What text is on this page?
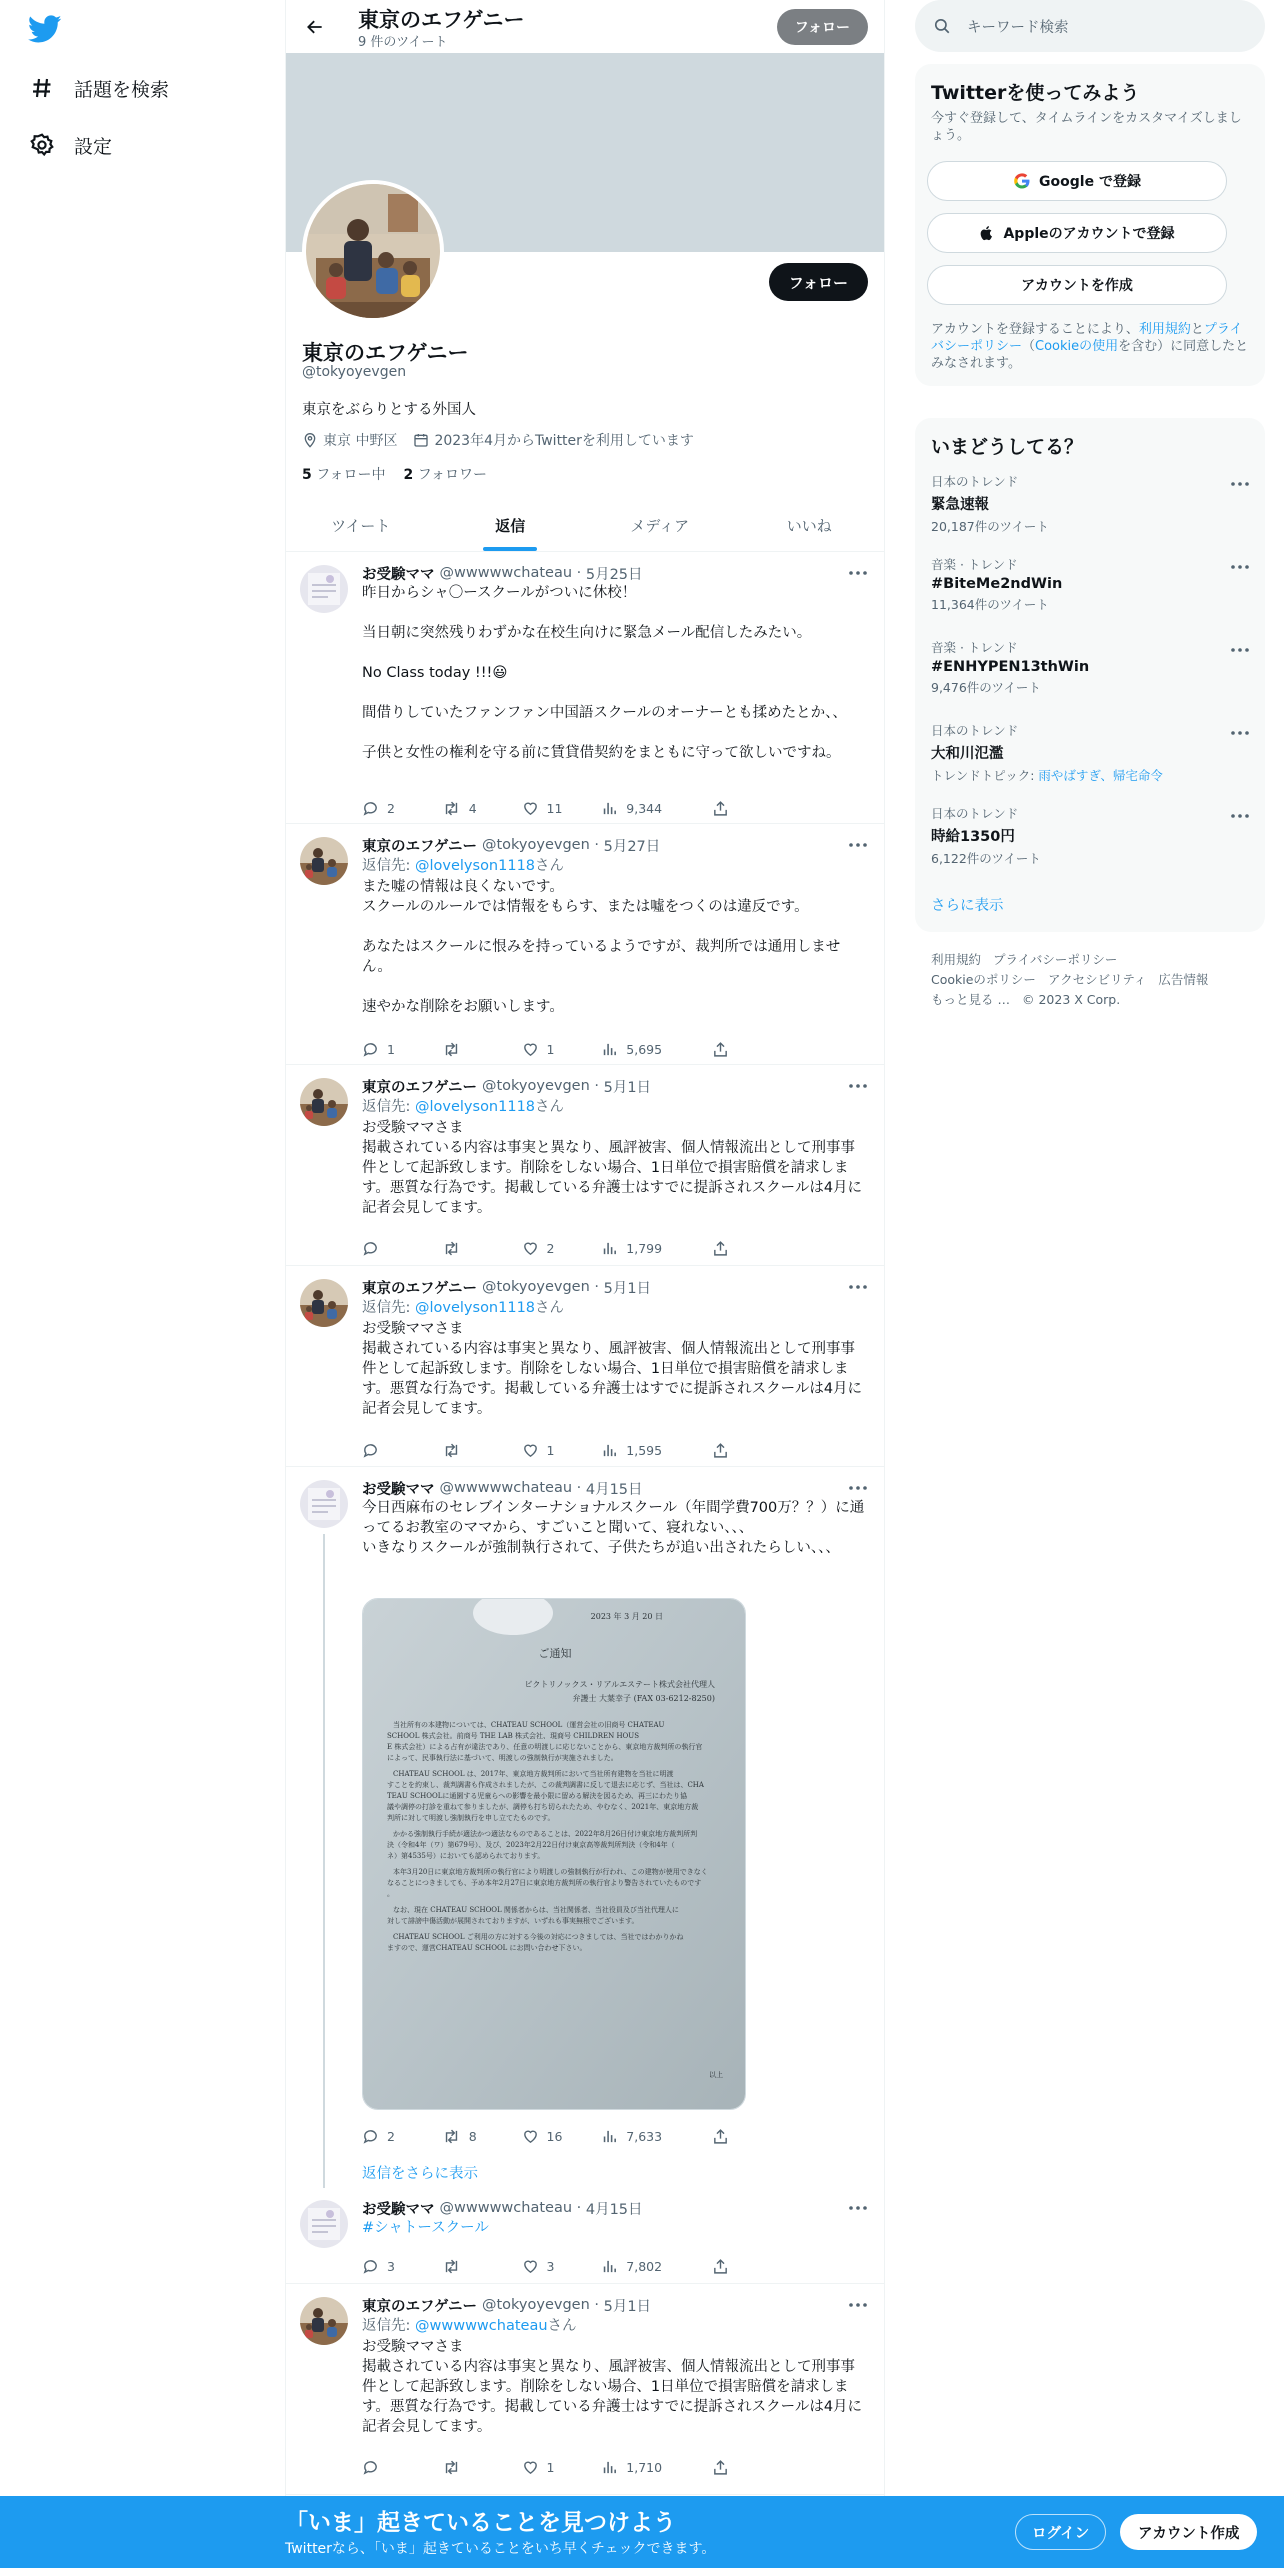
話題を検索
設定
東京のエフゲニー
9 件のツイート
フォロー
フォロー
東京のエフゲニー
@tokyoyevgen
東京をぶらりとする外国人
東京 中野区	2023年4月からTwitterを利用しています
5 フォロー中 2 フォロワー
ツイート	返信	メディア	いいね
お受験ママ @wwwwwchateau · 5月25日
昨日からシャ〇ースクールがついに休校！

当日朝に突然残りわずかな在校生向けに緊急メール配信したみたい。

No Class today !!!😃

間借りしていたファンファン中国語スクールのオーナーとも揉めたとか、、

子供と女性の権利を守る前に賃貸借契約をまともに守って欲しいですね。
2	4	11	9,344
東京のエフゲニー @tokyoyevgen · 5月27日
返信先: @lovelyson1118さん
また嘘の情報は良くないです。
スクールのルールでは情報をもらす、または噓をつくのは違反です。

あなたはスクールに恨みを持っているようですが、裁判所では通用しません。

速やかな削除をお願いします。
1	1	5,695
東京のエフゲニー @tokyoyevgen · 5月1日
返信先: @lovelyson1118さん
お受験ママさま
掲載されている内容は事実と異なり、風評被害、個人情報流出として刑事事件として起訴致します。削除をしない場合、1日単位で損害賠償を請求します。悪質な行為です。掲載している弁護士はすでに提訴されスクールは4月に記者会見してます。
2	1,799
東京のエフゲニー @tokyoyevgen · 5月1日
返信先: @lovelyson1118さん
お受験ママさま
掲載されている内容は事実と異なり、風評被害、個人情報流出として刑事事件として起訴致します。削除をしない場合、1日単位で損害賠償を請求します。悪質な行為です。掲載している弁護士はすでに提訴されスクールは4月に記者会見してます。
1	1,595
お受験ママ @wwwwwchateau · 4月15日
今日西麻布のセレブインターナショナルスクール（年間学費700万？？）に通ってるお教室のママから、すごいこと聞いて、寝れない、、、
いきなりスクールが強制執行されて、子供たちが追い出されたらしい、、、
2023 年 3 月 20 日
ご通知
ビクトリノックス・リアルエステート株式会社代理人
弁護士 大葉幸子 (FAX 03-6212-8250)
当社所有の本建物については、CHATEAU SCHOOL（運営会社の旧商号 CHATEAU SCHOOL 株式会社。前商号 THE LAB 株式会社、現商号 CHILDREN HOUS E 株式会社）による占有が違法であり、任意の明渡しに応じないことから、東京地方裁判所の執行官によって、民事執行法に基づいて、明渡しの強制執行が実施されました。
CHATEAU SCHOOL は、2017年、東京地方裁判所において当社所有建物を当社に明渡すことを約束し、裁判調書も作成されましたが、この裁判調書に反して退去に応じず、当社は、CHA TEAU SCHOOLに通園する児童らへの影響を最小限に留める解決を図るため、再三にわたり協議や調停の打診を重ねて参りましたが、調停も打ち切られたため、やむなく、2021年、東京地方裁判所に対して明渡し強制執行を申し立てたものです。
かかる強制執行手続が適法かつ適法なものであることは、2022年8月26日付け東京地方裁判所判決（令和4年（ワ）第679号）、及び、2023年2月22日付け東京高等裁判所判決（令和4年（ネ）第4535号）においても認められております。
本年3月20日に東京地方裁判所の執行官により明渡しの強制執行が行われ、この建物が使用できなくなることにつきましても、予め本年2月27日に東京地方裁判所の執行官より警告されていたものです。
なお、現在 CHATEAU SCHOOL 関係者からは、当社関係者、当社役員及び当社代理人に対して誹謗中傷活動が展開されておりますが、いずれも事実無根でございます。
CHATEAU SCHOOL ご利用の方に対する今後の対応につきましては、当社ではわかりかねますので、運営CHATEAU SCHOOL にお問い合わせ下さい。
以上
2	8	16	7,633
返信をさらに表示
お受験ママ @wwwwwchateau · 4月15日
#シャトースクール
3	3	7,802
東京のエフゲニー @tokyoyevgen · 5月1日
返信先: @wwwwwchateauさん
お受験ママさま
掲載されている内容は事実と異なり、風評被害、個人情報流出として刑事事件として起訴致します。削除をしない場合、1日単位で損害賠償を請求します。悪質な行為です。掲載している弁護士はすでに提訴されスクールは4月に記者会見してます。
1	1,710
キーワード検索
Twitterを使ってみよう
今すぐ登録して、タイムラインをカスタマイズしましょう。
Google で登録
Appleのアカウントで登録
アカウントを作成
アカウントを登録することにより、利用規約とプライバシーポリシー（Cookieの使用を含む）に同意したとみなされます。
いまどうしてる？
日本のトレンド
緊急速報
20,187件のツイート
音楽 · トレンド
#BiteMe2ndWin
11,364件のツイート
音楽 · トレンド
#ENHYPEN13thWin
9,476件のツイート
日本のトレンド
大和川氾濫
トレンドトピック: 雨やばすぎ、帰宅命令
日本のトレンド
時給1350円
6,122件のツイート
さらに表示
利用規約 プライバシーポリシー
Cookieのポリシー アクセシビリティ 広告情報
もっと見る … © 2023 X Corp.
「いま」起きていることを見つけよう
Twitterなら、「いま」起きていることをいち早くチェックできます。
ログイン	アカウント作成
